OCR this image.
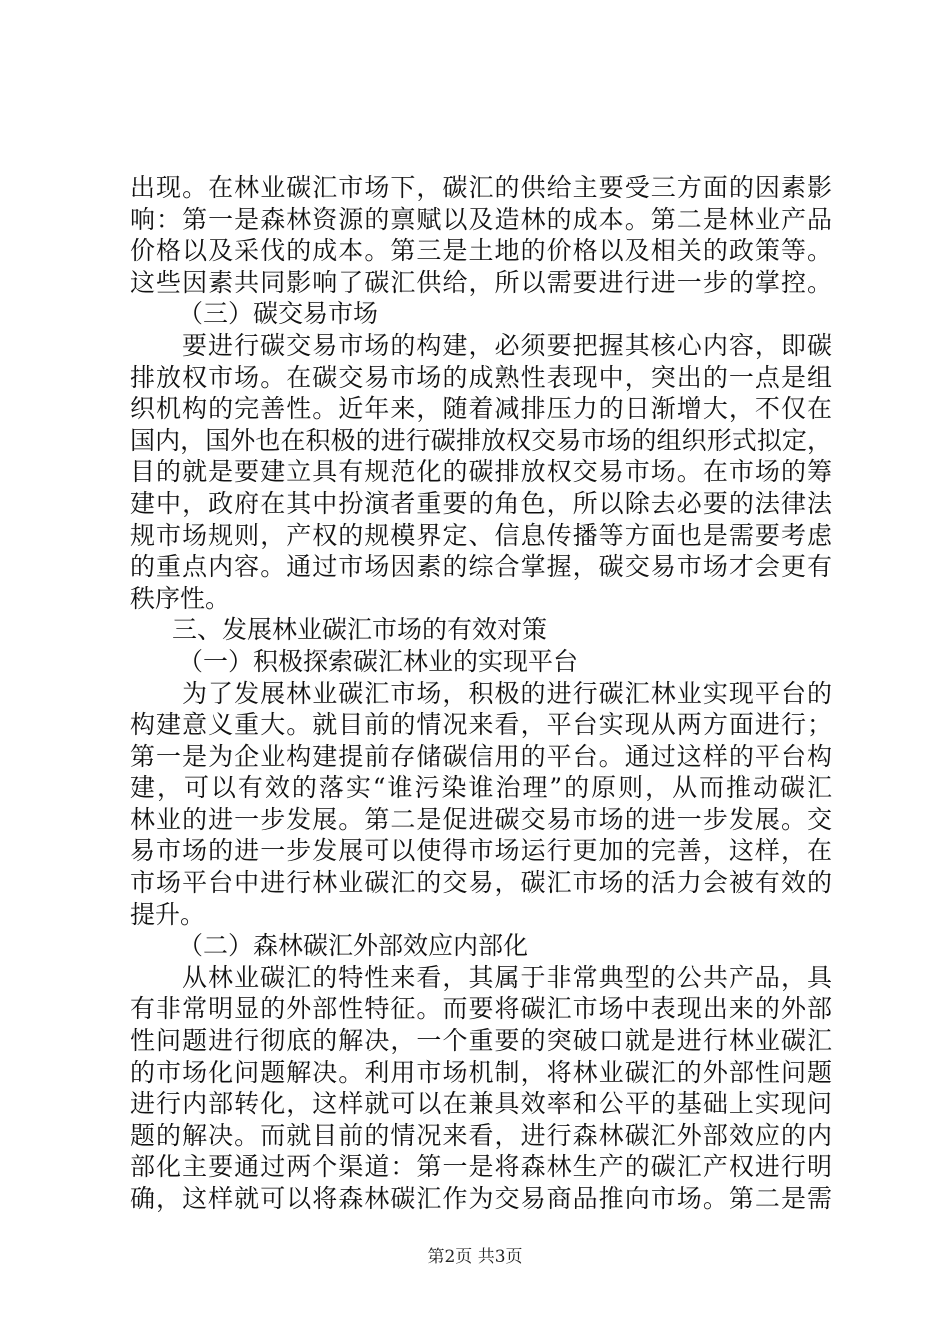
出现。在林业碳汇市场下，碳汇的供给主要受三方面的因素影
响：第一是森林资源的禀赋以及造林的成本。第二是林业产品
价格以及采伐的成本。第三是土地的价格以及相关的政策等。
这些因素共同影响了碳汇供给，所以需要进行进一步的掌控。
（三）碳交易市场
要进行碳交易市场的构建，必须要把握其核心内容，即碳
排放权市场。在碳交易市场的成熟性表现中，突出的一点是组
织机构的完善性。近年来，随着减排压力的日渐增大，不仅在
国内，国外也在积极的进行碳排放权交易市场的组织形式拟定，
目的就是要建立具有规范化的碳排放权交易市场。在市场的筹
建中，政府在其中扮演者重要的角色，所以除去必要的法律法
规市场规则，产权的规模界定、信息传播等方面也是需要考虑
的重点内容。通过市场因素的综合掌握，碳交易市场才会更有
秩序性。
三、发展林业碳汇市场的有效对策
（一）积极探索碳汇林业的实现平台
为了发展林业碳汇市场，积极的进行碳汇林业实现平台的
构建意义重大。就目前的情况来看，平台实现从两方面进行；
第一是为企业构建提前存储碳信用的平台。通过这样的平台构
建，可以有效的落实“谁污染谁治理”的原则，从而推动碳汇
林业的进一步发展。第二是促进碳交易市场的进一步发展。交
易市场的进一步发展可以使得市场运行更加的完善，这样，在
市场平台中进行林业碳汇的交易，碳汇市场的活力会被有效的
提升。
（二）森林碳汇外部效应内部化
从林业碳汇的特性来看，其属于非常典型的公共产品，具
有非常明显的外部性特征。而要将碳汇市场中表现出来的外部
性问题进行彻底的解决，一个重要的突破口就是进行林业碳汇
的市场化问题解决。利用市场机制，将林业碳汇的外部性问题
进行内部转化，这样就可以在兼具效率和公平的基础上实现问
题的解决。而就目前的情况来看，进行森林碳汇外部效应的内
部化主要通过两个渠道：第一是将森林生产的碳汇产权进行明
确，这样就可以将森林碳汇作为交易商品推向市场。第二是需
第2页 共3页
